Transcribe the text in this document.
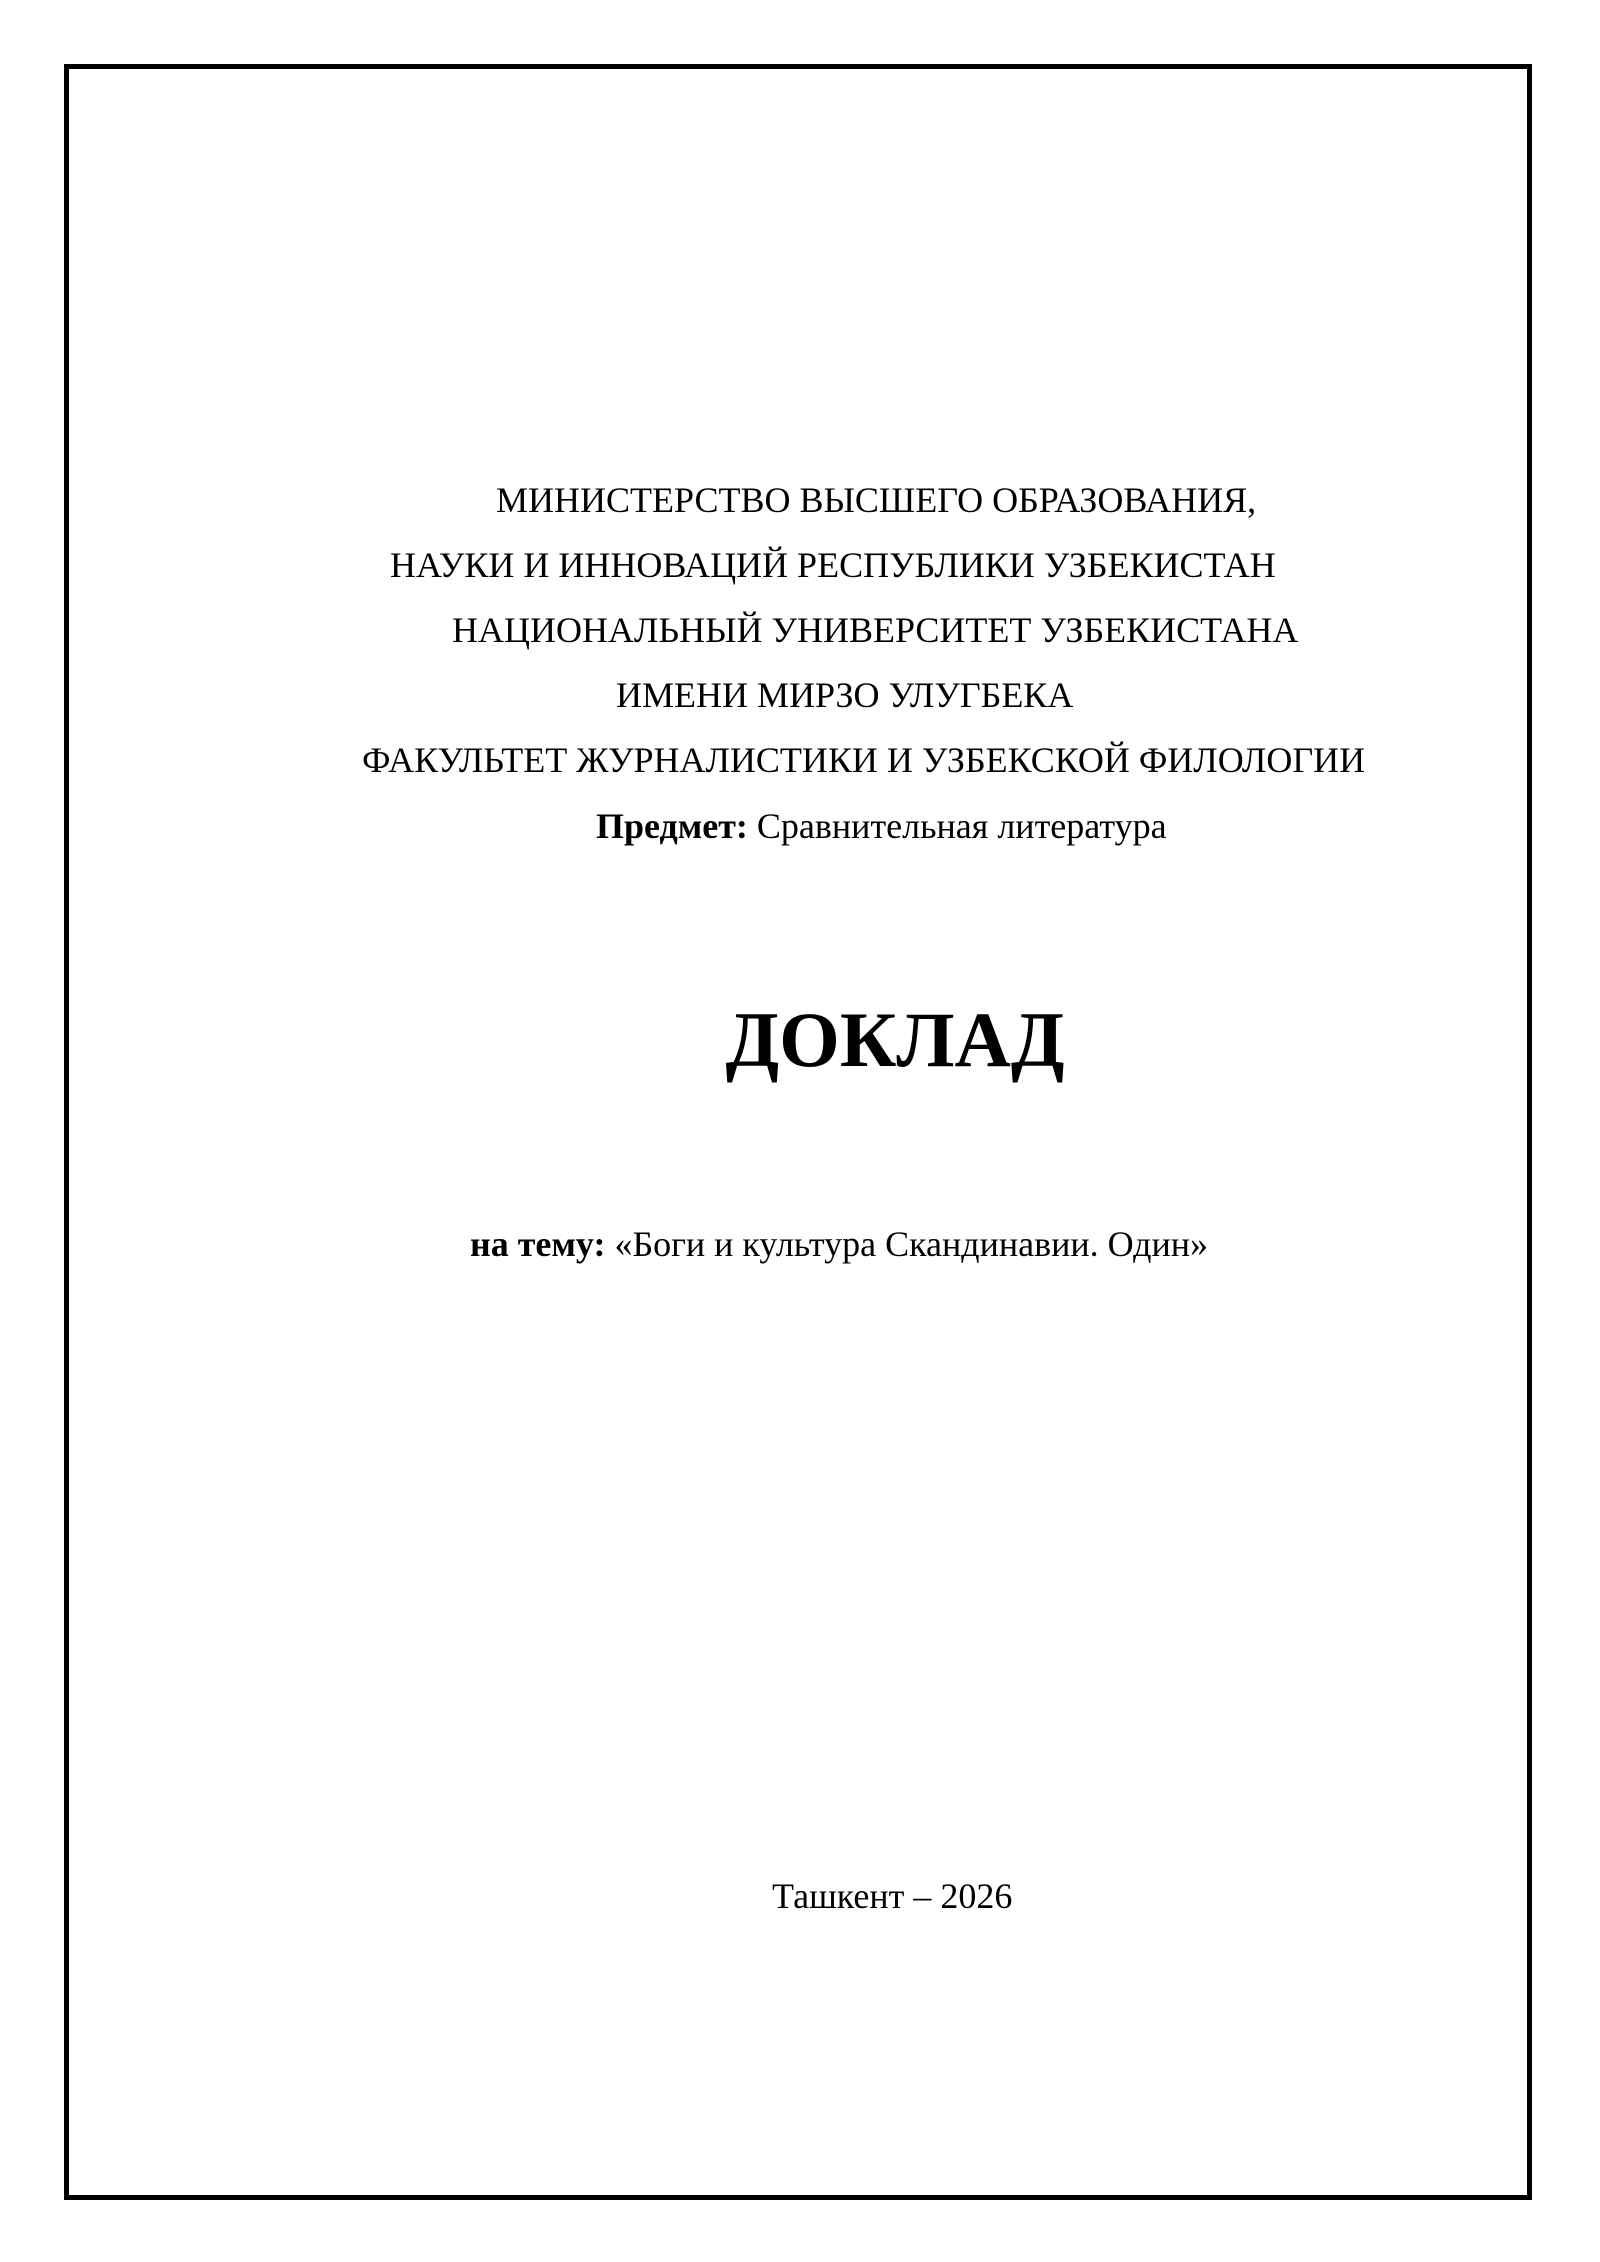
МИНИСТЕРСТВО ВЫСШЕГО ОБРАЗОВАНИЯ,
НАУКИ И ИННОВАЦИЙ РЕСПУБЛИКИ УЗБЕКИСТАН
НАЦИОНАЛЬНЫЙ УНИВЕРСИТЕТ УЗБЕКИСТАНА
ИМЕНИ МИРЗО УЛУГБЕКА
ФАКУЛЬТЕТ ЖУРНАЛИСТИКИ И УЗБЕКСКОЙ ФИЛОЛОГИИ
Предмет: Сравнительная литература
ДОКЛАД
на тему: «Боги и культура Скандинавии. Один»
Ташкент – 2026
